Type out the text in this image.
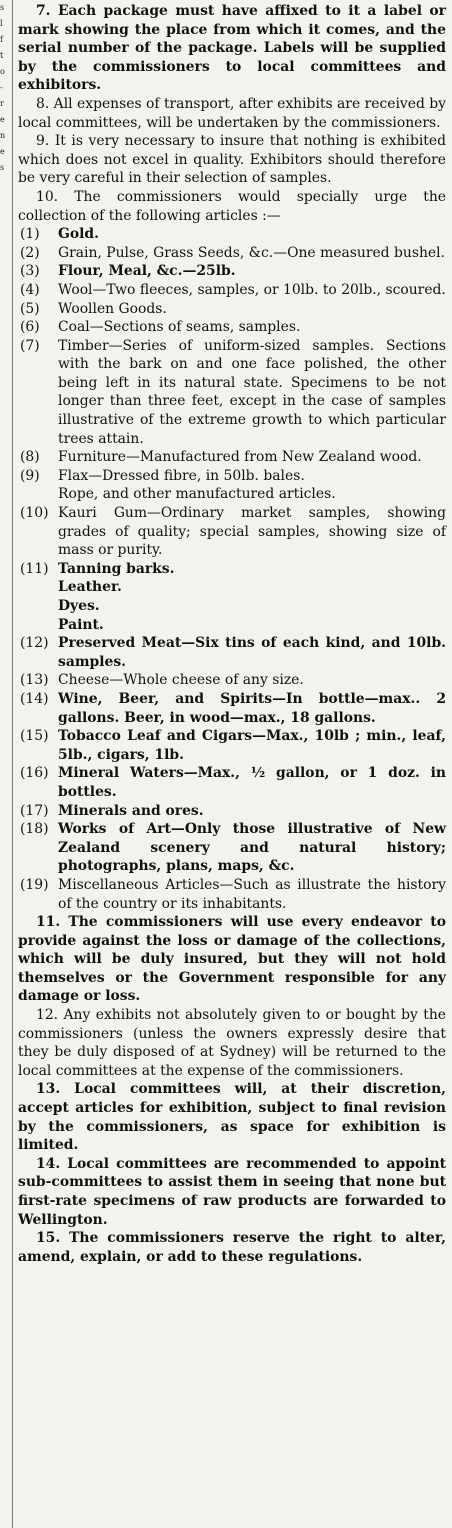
s
l
f
t
o
-
r
e
n
e
s

7. Each package must have affixed to it a label or mark showing the place from which it comes, and the serial number of the package. Labels will be supplied by the commissioners to local committees and exhibitors.

8. All expenses of transport, after exhibits are received by local committees, will be undertaken by the commissioners.

9. It is very necessary to insure that nothing is exhibited which does not excel in quality. Exhibitors should therefore be very careful in their selection of samples.

10. The commissioners would specially urge the collection of the following articles :—

(1) Gold.
(2) Grain, Pulse, Grass Seeds, &c.—One measured bushel.
(3) Flour, Meal, &c.—25lb.
(4) Wool—Two fleeces, samples, or 10lb. to 20lb., scoured.
(5) Woollen Goods.
(6) Coal—Sections of seams, samples.
(7) Timber—Series of uniform-sized samples. Sections with the bark on and one face polished, the other being left in its natural state. Specimens to be not longer than three feet, except in the case of samples illustrative of the extreme growth to which particular trees attain.
(8) Furniture—Manufactured from New Zealand wood.
(9) Flax—Dressed fibre, in 50lb. bales.
Rope, and other manufactured articles.
(10) Kauri Gum—Ordinary market samples, showing grades of quality; special samples, showing size of mass or purity.
(11) Tanning barks.
Leather.
Dyes.
Paint.
(12) Preserved Meat—Six tins of each kind, and 10lb. samples.
(13) Cheese—Whole cheese of any size.
(14) Wine, Beer, and Spirits—In bottle—max.. 2 gallons. Beer, in wood—max., 18 gallons.
(15) Tobacco Leaf and Cigars—Max., 10lb ; min., leaf, 5lb., cigars, 1lb.
(16) Mineral Waters—Max., ½ gallon, or 1 doz. in bottles.
(17) Minerals and ores.
(18) Works of Art—Only those illustrative of New Zealand scenery and natural history; photographs, plans, maps, &c.
(19) Miscellaneous Articles—Such as illustrate the history of the country or its inhabitants.

11. The commissioners will use every endeavor to provide against the loss or damage of the collections, which will be duly insured, but they will not hold themselves or the Government responsible for any damage or loss.

12. Any exhibits not absolutely given to or bought by the commissioners (unless the owners expressly desire that they be duly disposed of at Sydney) will be returned to the local committees at the expense of the commissioners.

13. Local committees will, at their discretion, accept articles for exhibition, subject to final revision by the commissioners, as space for exhibition is limited.

14. Local committees are recommended to appoint sub-committees to assist them in seeing that none but first-rate specimens of raw products are forwarded to Wellington.

15. The commissioners reserve the right to alter, amend, explain, or add to these regulations.
